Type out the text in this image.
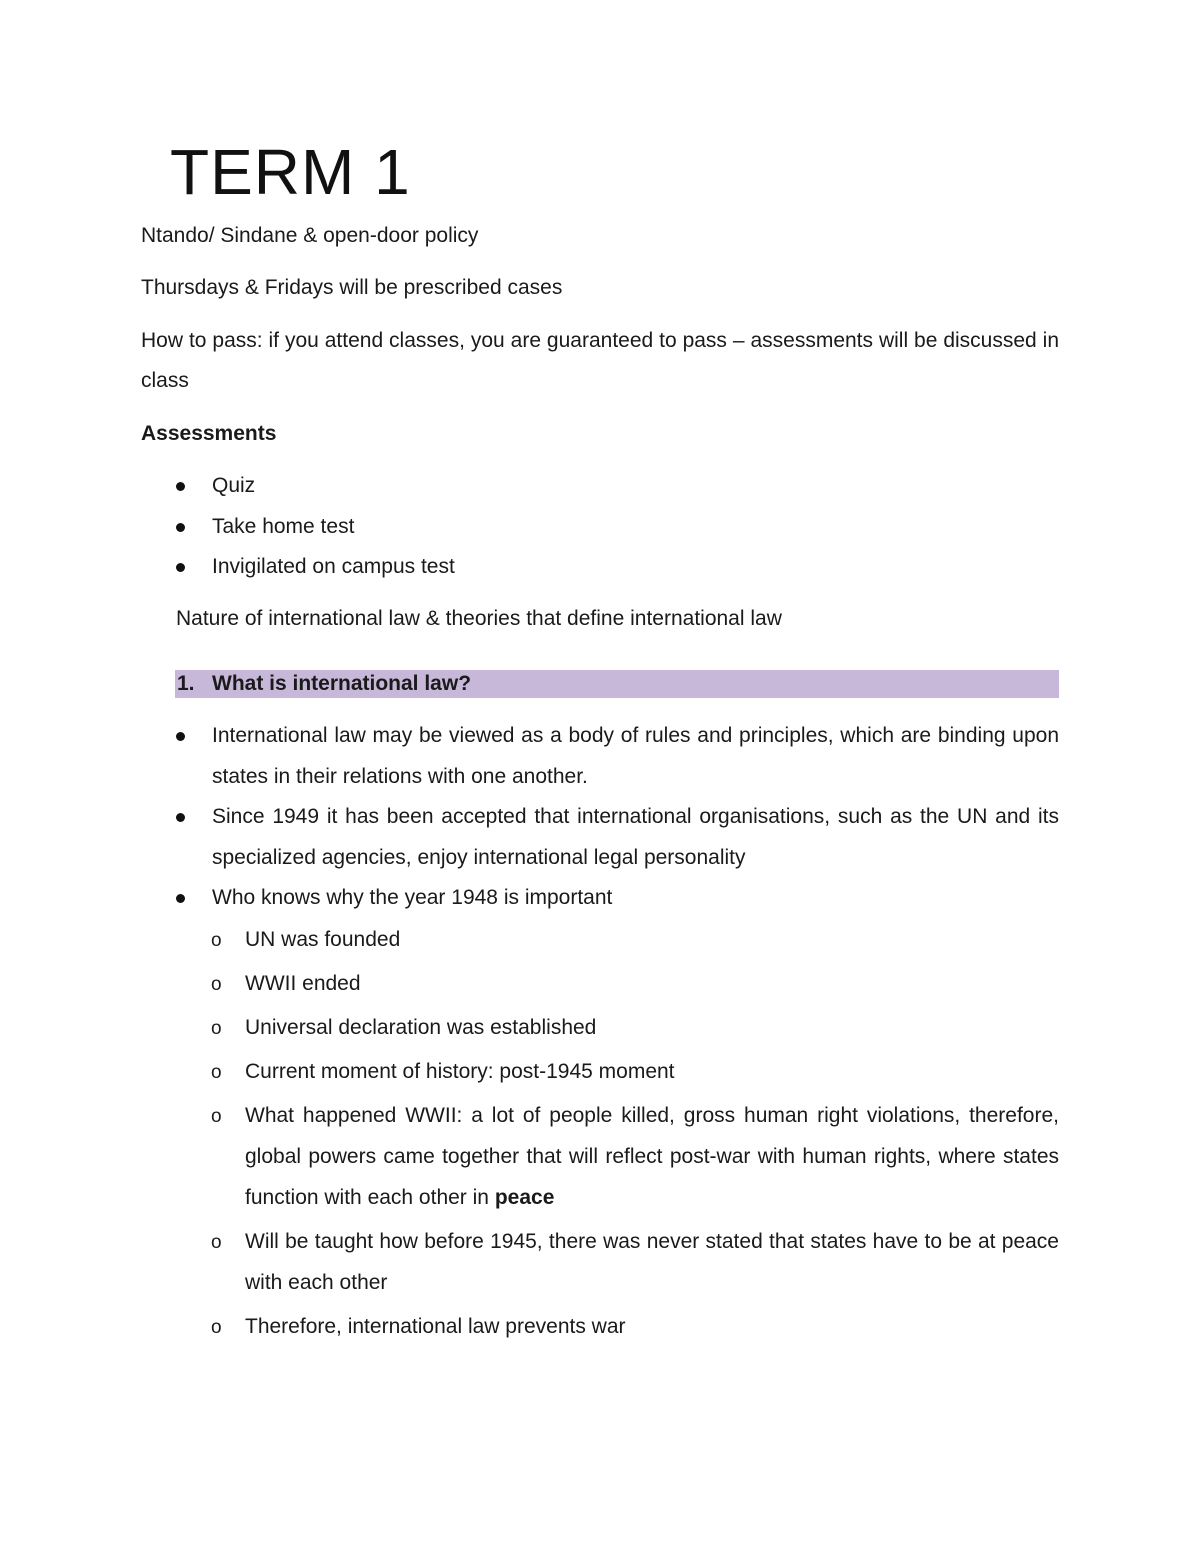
TERM 1

Ntando/ Sindane & open-door policy

Thursdays & Fridays will be prescribed cases

How to pass: if you attend classes, you are guaranteed to pass – assessments will be discussed in class

Assessments

Quiz
Take home test
Invigilated on campus test

Nature of international law & theories that define international law

1. What is international law?
International law may be viewed as a body of rules and principles, which are binding upon states in their relations with one another.
Since 1949 it has been accepted that international organisations, such as the UN and its specialized agencies, enjoy international legal personality
Who knows why the year 1948 is important
o UN was founded
o WWII ended
o Universal declaration was established
o Current moment of history: post-1945 moment
o What happened WWII: a lot of people killed, gross human right violations, therefore, global powers came together that will reflect post-war with human rights, where states function with each other in peace
o Will be taught how before 1945, there was never stated that states have to be at peace with each other
o Therefore, international law prevents war
